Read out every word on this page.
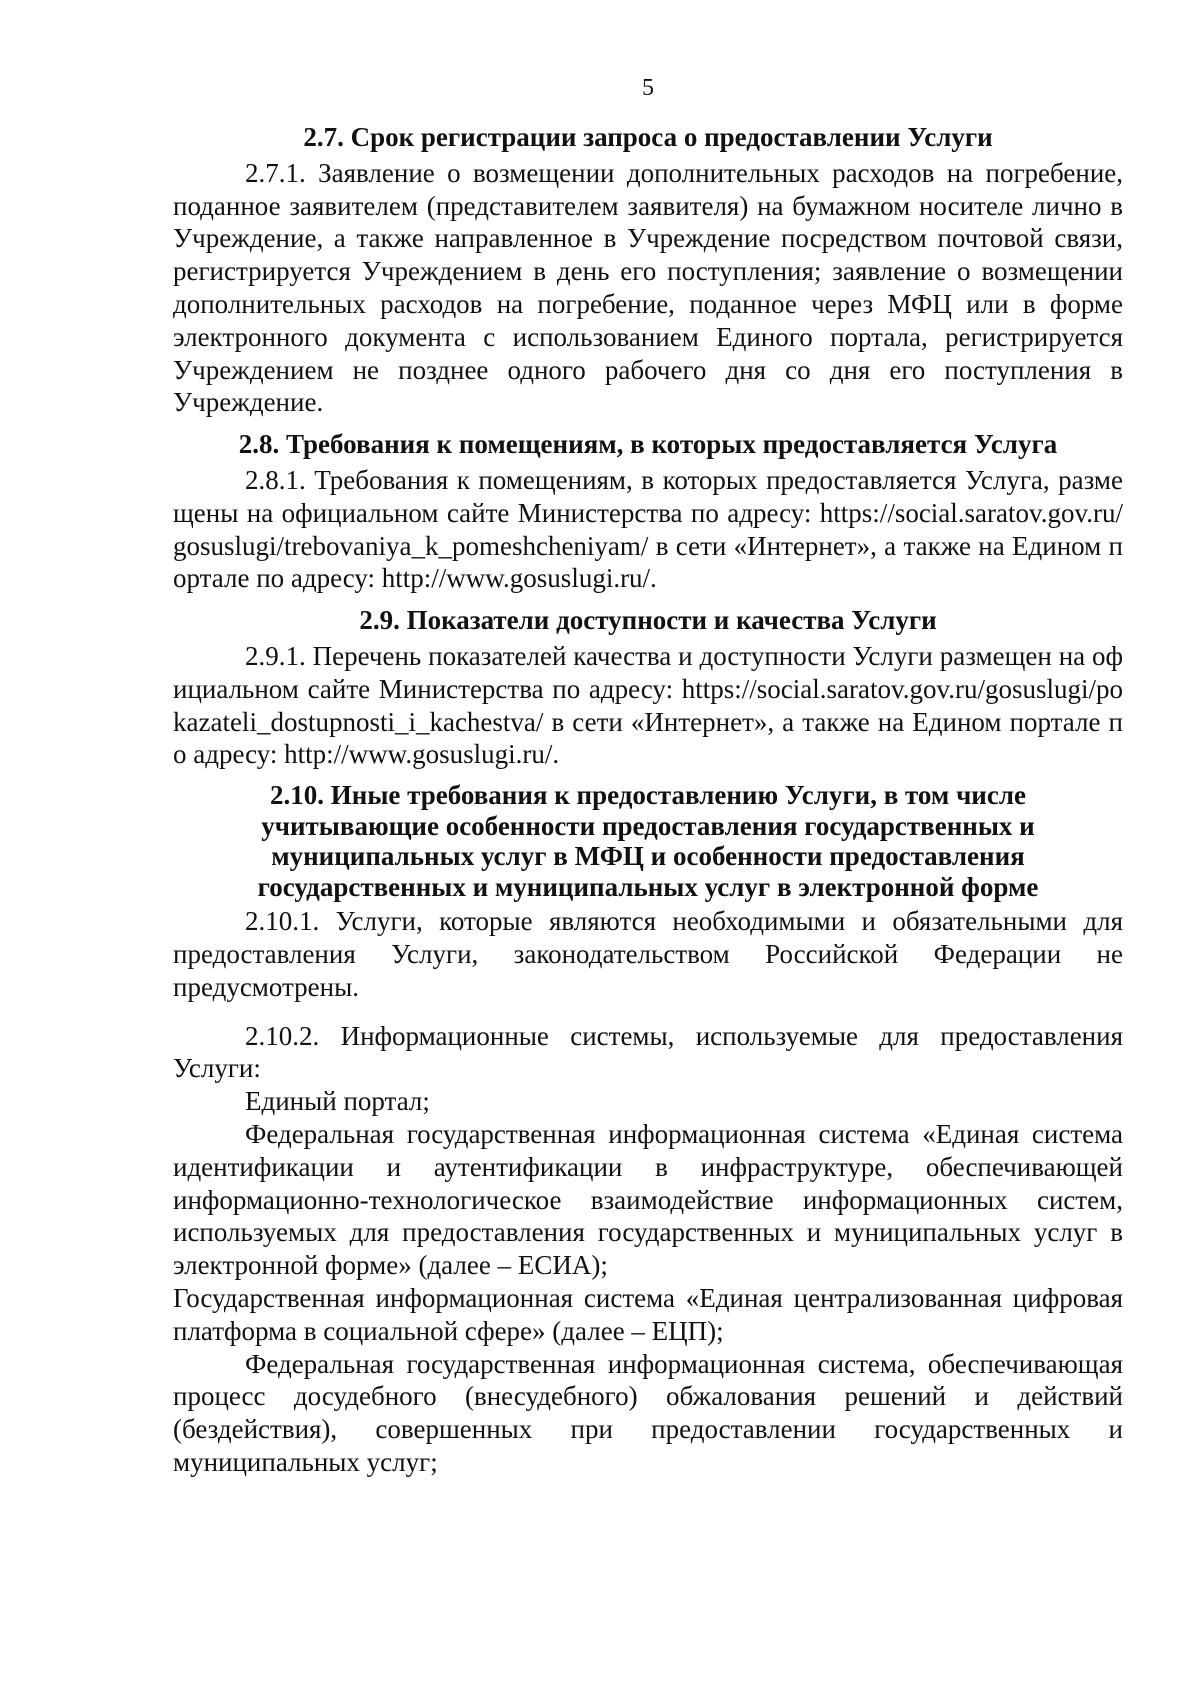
5
2.7. Срок регистрации запроса о предоставлении Услуги

2.7.1. Заявление о возмещении дополнительных расходов на погребение, поданное заявителем (представителем заявителя) на бумажном носителе лично в Учреждение, а также направленное в Учреждение посредством почтовой связи, регистрируется Учреждением в день его поступления; заявление о возмещении дополнительных расходов на погребение, поданное через МФЦ или в форме электронного документа с использованием Единого портала, регистрируется Учреждением не позднее одного рабочего дня со дня его поступления в Учреждение.

2.8. Требования к помещениям, в которых предоставляется Услуга

2.8.1. Требования к помещениям, в которых предоставляется Услуга, размещены на официальном сайте Министерства по адресу: https://social.saratov.gov.ru/gosuslugi/trebovaniya_k_pomeshcheniyam/ в сети «Интернет», а также на Едином портале по адресу: http://www.gosuslugi.ru/.

2.9. Показатели доступности и качества Услуги

2.9.1. Перечень показателей качества и доступности Услуги размещен на официальном сайте Министерства по адресу: https://social.saratov.gov.ru/gosuslugi/pokazateli_dostupnosti_i_kachestva/ в сети «Интернет», а также на Едином портале по адресу: http://www.gosuslugi.ru/.

2.10. Иные требования к предоставлению Услуги, в том числе учитывающие особенности предоставления государственных и муниципальных услуг в МФЦ и особенности предоставления государственных и муниципальных услуг в электронной форме

2.10.1. Услуги, которые являются необходимыми и обязательными для предоставления Услуги, законодательством Российской Федерации не предусмотрены.

2.10.2. Информационные системы, используемые для предоставления Услуги:

Единый портал;

Федеральная государственная информационная система «Единая система идентификации и аутентификации в инфраструктуре, обеспечивающей информационно-технологическое взаимодействие информационных систем, используемых для предоставления государственных и муниципальных услуг в электронной форме» (далее – ЕСИА);

Государственная информационная система «Единая централизованная цифровая платформа в социальной сфере» (далее – ЕЦП);

Федеральная государственная информационная система, обеспечивающая процесс досудебного (внесудебного) обжалования решений и действий (бездействия), совершенных при предоставлении государственных и муниципальных услуг;
